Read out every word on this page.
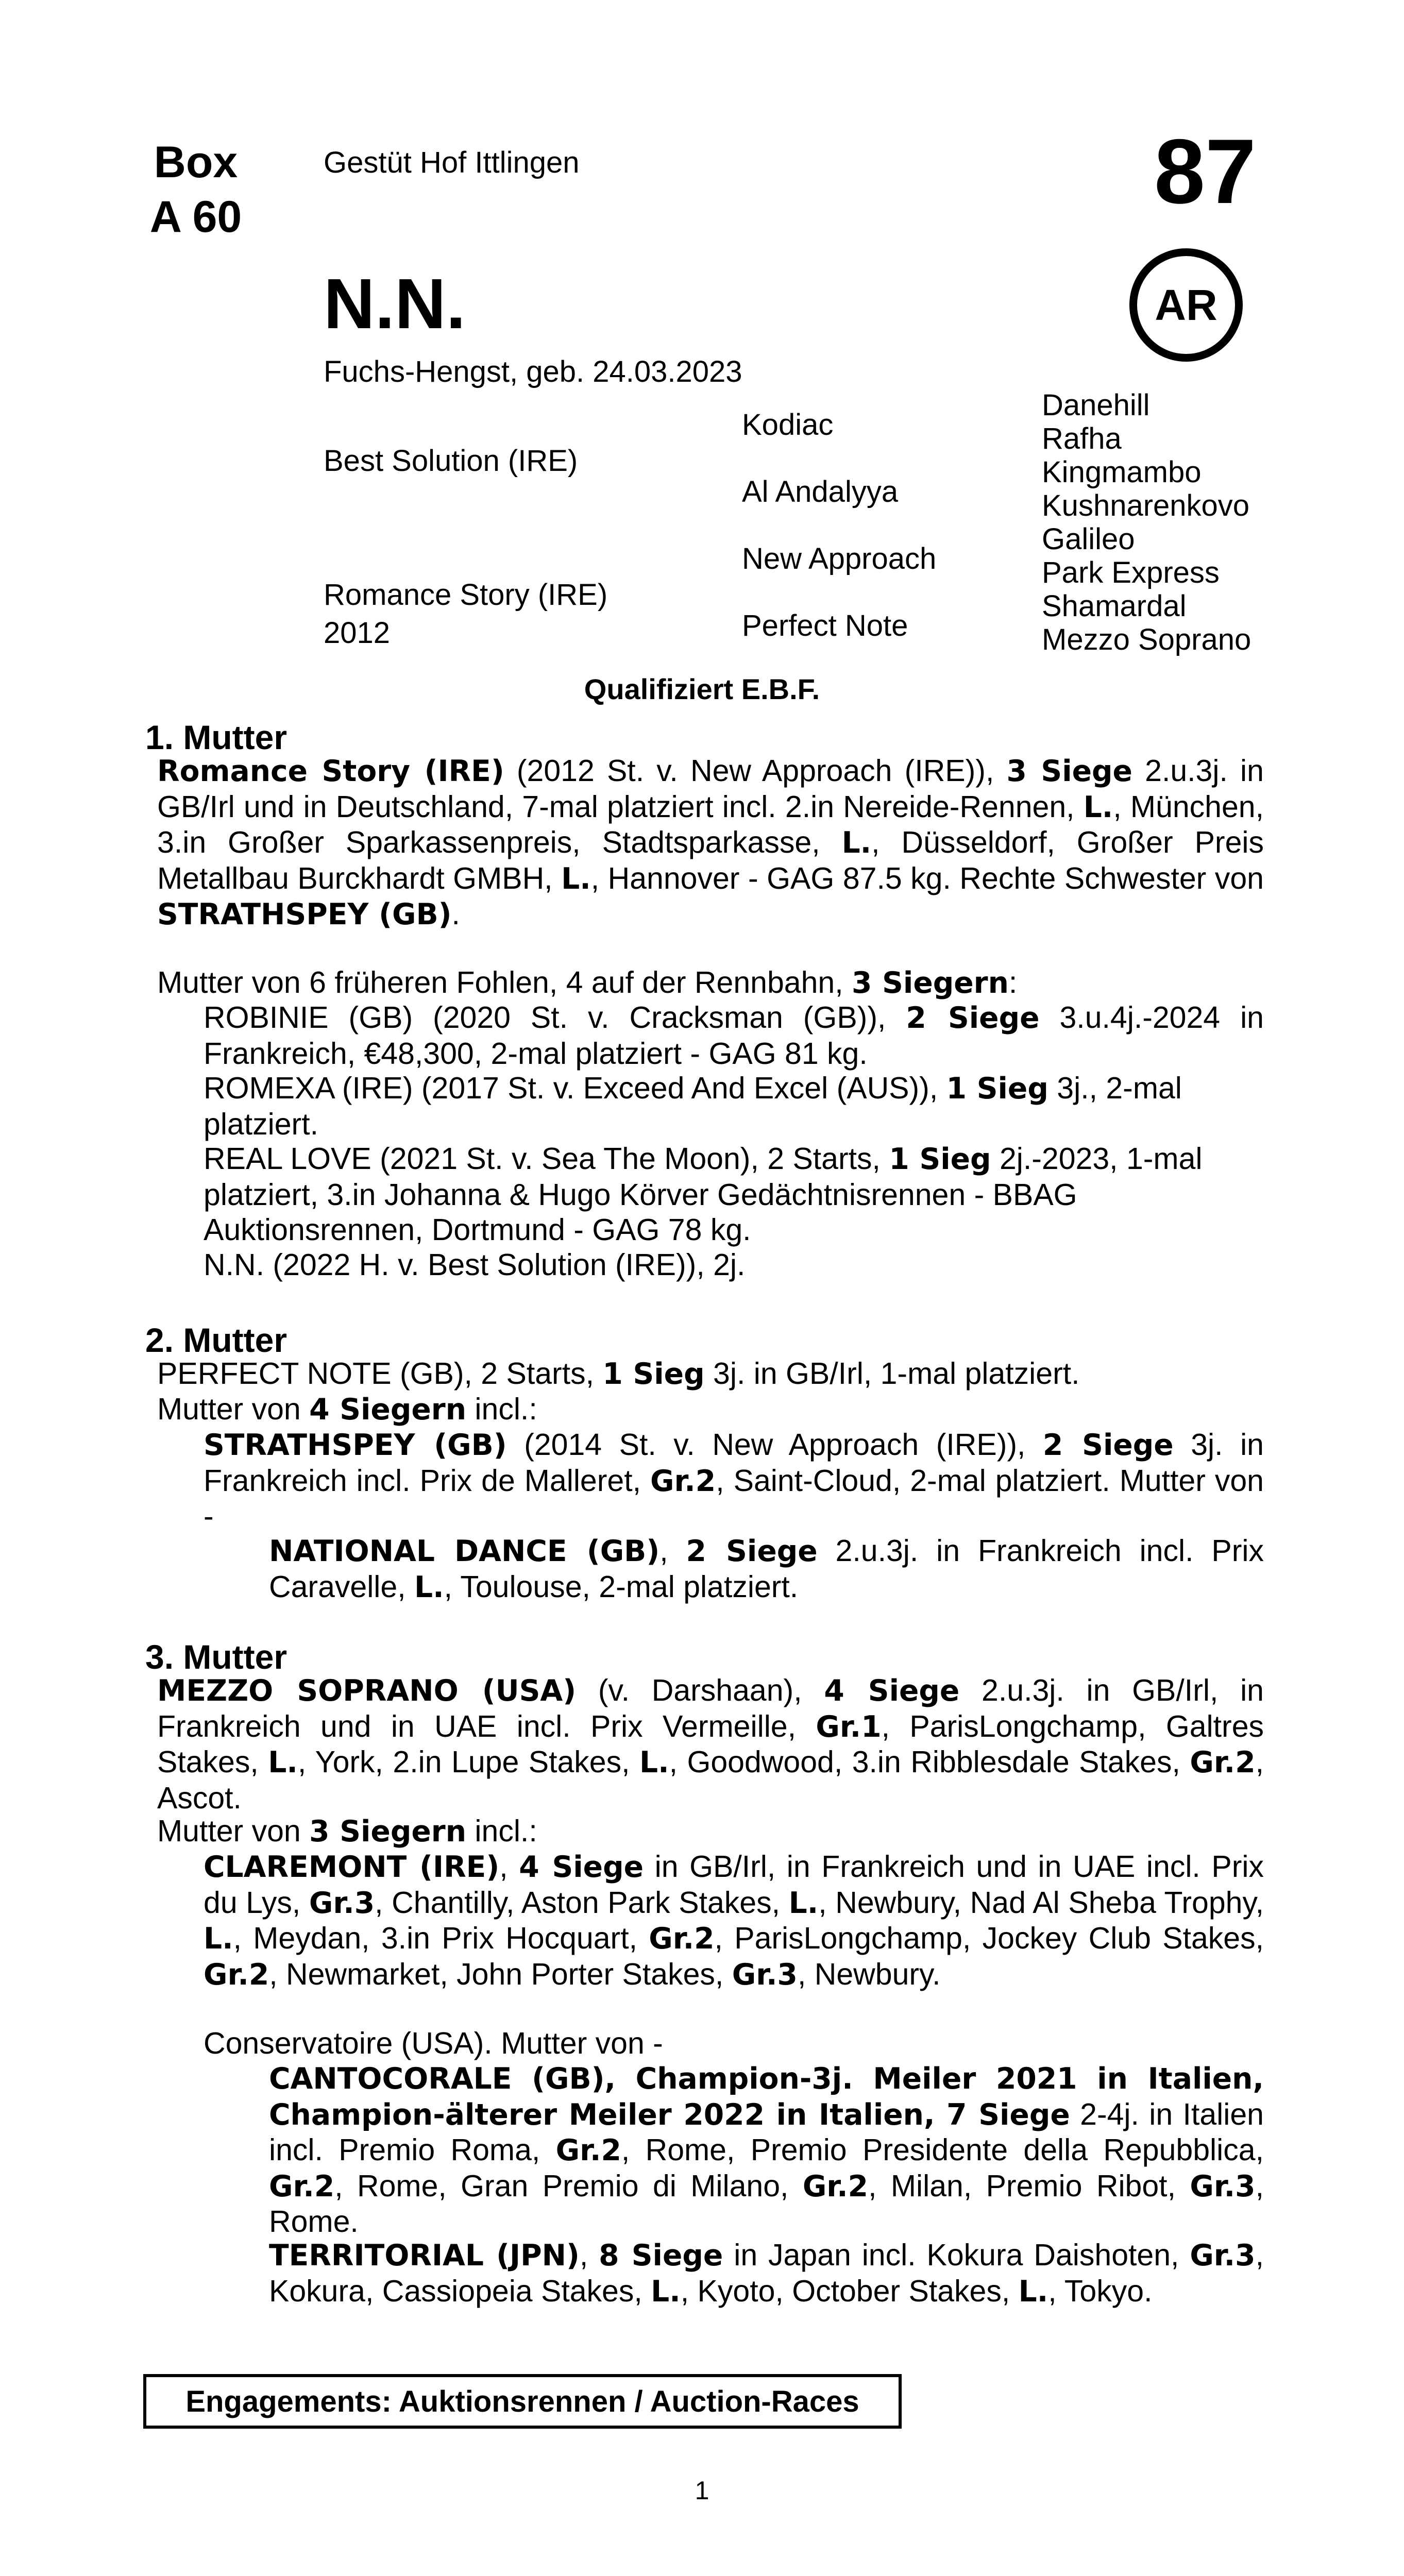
Box
A 60
Gestüt Hof Ittlingen	87
AR
N.N.
Fuchs-Hengst, geb. 24.03.2023
Best Solution (IRE)
Romance Story (IRE)
2012
Kodiac
Al Andalyya
New Approach
Perfect Note
Danehill
Rafha
Kingmambo
Kushnarenkovo
Galileo
Park Express
Shamardal
Mezzo Soprano
Qualifiziert E.B.F.
1. Mutter
Romance Story (IRE) (2012 St. v. New Approach (IRE)), 3 Siege 2.u.3j. in GB/Irl und in Deutschland, 7-mal platziert incl. 2.in Nereide-Rennen, L., München, 3.in Großer Sparkassenpreis, Stadtsparkasse, L., Düsseldorf, Großer Preis Metallbau Burckhardt GMBH, L., Hannover - GAG 87.5 kg. Rechte Schwester von STRATHSPEY (GB).
Mutter von 6 früheren Fohlen, 4 auf der Rennbahn, 3 Siegern:
ROBINIE (GB) (2020 St. v. Cracksman (GB)), 2 Siege 3.u.4j.-2024 in Frankreich, €48,300, 2-mal platziert - GAG 81 kg.
ROMEXA (IRE) (2017 St. v. Exceed And Excel (AUS)), 1 Sieg 3j., 2-mal platziert.
REAL LOVE (2021 St. v. Sea The Moon), 2 Starts, 1 Sieg 2j.-2023, 1-mal platziert, 3.in Johanna & Hugo Körver Gedächtnisrennen - BBAG Auktionsrennen, Dortmund - GAG 78 kg.
N.N. (2022 H. v. Best Solution (IRE)), 2j.
2. Mutter
PERFECT NOTE (GB), 2 Starts, 1 Sieg 3j. in GB/Irl, 1-mal platziert.
Mutter von 4 Siegern incl.:
STRATHSPEY (GB) (2014 St. v. New Approach (IRE)), 2 Siege 3j. in Frankreich incl. Prix de Malleret, Gr.2, Saint-Cloud, 2-mal platziert. Mutter von -
NATIONAL DANCE (GB), 2 Siege 2.u.3j. in Frankreich incl. Prix Caravelle, L., Toulouse, 2-mal platziert.
3. Mutter
MEZZO SOPRANO (USA) (v. Darshaan), 4 Siege 2.u.3j. in GB/Irl, in Frankreich und in UAE incl. Prix Vermeille, Gr.1, ParisLongchamp, Galtres Stakes, L., York, 2.in Lupe Stakes, L., Goodwood, 3.in Ribblesdale Stakes, Gr.2, Ascot.
Mutter von 3 Siegern incl.:
CLAREMONT (IRE), 4 Siege in GB/Irl, in Frankreich und in UAE incl. Prix du Lys, Gr.3, Chantilly, Aston Park Stakes, L., Newbury, Nad Al Sheba Trophy, L., Meydan, 3.in Prix Hocquart, Gr.2, ParisLongchamp, Jockey Club Stakes, Gr.2, Newmarket, John Porter Stakes, Gr.3, Newbury.
Conservatoire (USA). Mutter von -
CANTOCORALE (GB), Champion-3j. Meiler 2021 in Italien, Champion-älterer Meiler 2022 in Italien, 7 Siege 2-4j. in Italien incl. Premio Roma, Gr.2, Rome, Premio Presidente della Repubblica, Gr.2, Rome, Gran Premio di Milano, Gr.2, Milan, Premio Ribot, Gr.3, Rome.
TERRITORIAL (JPN), 8 Siege in Japan incl. Kokura Daishoten, Gr.3, Kokura, Cassiopeia Stakes, L., Kyoto, October Stakes, L., Tokyo.
Engagements: Auktionsrennen / Auction-Races
1
